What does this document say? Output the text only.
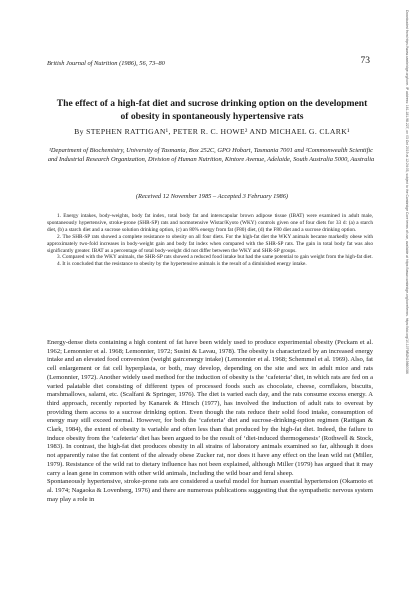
British Journal of Nutrition (1986), 56, 73–80	73
The effect of a high-fat diet and sucrose drinking option on the development of obesity in spontaneously hypertensive rats
By STEPHEN RATTIGAN¹, PETER R. C. HOWE² AND MICHAEL G. CLARK¹
¹Department of Biochemistry, University of Tasmania, Box 252C, GPO Hobart, Tasmania 7001 and ²Commonwealth Scientific and Industrial Research Organization, Division of Human Nutrition, Kintore Avenue, Adelaide, South Australia 5000, Australia
(Received 12 November 1985 – Accepted 3 February 1986)

1. Energy intakes, body-weights, body fat index, total body fat and interscapular brown adipose tissue (IBAT) were examined in adult male, spontaneously hypertensive, stroke-prone (SHR-SP) rats and normotensive Wistar/Kyoto (WKY) controls given one of four diets for 33 d: (a) a starch diet, (b) a starch diet and a sucrose solution drinking option, (c) an 80% energy from fat (F80) diet, (d) the F80 diet and a sucrose drinking option.

2. The SHR-SP rats showed a complete resistance to obesity on all four diets. For the high-fat diet the WKY animals became markedly obese with approximately two-fold increases in body-weight gain and body fat index when compared with the SHR-SP rats. The gain in total body fat was also significantly greater. IBAT as a percentage of total body-weight did not differ between the WKY and SHR-SP groups.

3. Compared with the WKY animals, the SHR-SP rats showed a reduced food intake but had the same potential to gain weight from the high-fat diet.

4. It is concluded that the resistance to obesity by the hypertensive animals is the result of a diminished energy intake.

Energy-dense diets containing a high content of fat have been widely used to produce experimental obesity (Peckam et al. 1962; Lemonnier et al. 1968; Lemonnier, 1972; Susini & Lavau, 1978). The obesity is characterized by an increased energy intake and an elevated food conversion (weight gain:energy intake) (Lemonnier et al. 1968; Schemmel et al. 1969). Also, fat cell enlargement or fat cell hyperplasia, or both, may develop, depending on the site and sex in adult mice and rats (Lemonnier, 1972). Another widely used method for the induction of obesity is the ‘cafeteria’ diet, in which rats are fed on a varied palatable diet consisting of different types of processed foods such as chocolate, cheese, cornflakes, biscuits, marshmallows, salami, etc. (Scalfani & Springer, 1976). The diet is varied each day, and the rats consume excess energy. A third approach, recently reported by Kanarek & Hirsch (1977), has involved the induction of adult rats to overeat by providing them access to a sucrose drinking option. Even though the rats reduce their solid food intake, consumption of energy may still exceed normal. However, for both the ‘cafeteria’ diet and sucrose-drinking-option regimen (Rattigan & Clark, 1984), the extent of obesity is variable and often less than that produced by the high-fat diet. Indeed, the failure to induce obesity from the ‘cafeteria’ diet has been argued to be the result of ‘diet-induced thermogenesis’ (Rothwell & Stock, 1983). In contrast, the high-fat diet produces obesity in all strains of laboratory animals examined so far, although it does not apparently raise the fat content of the already obese Zucker rat, nor does it have any effect on the lean wild rat (Miller, 1979). Resistance of the wild rat to dietary influence has not been explained, although Miller (1979) has argued that it may carry a lean gene in common with other wild animals, including the wild boar and feral sheep.

Spontaneously hypertensive, stroke-prone rats are considered a useful model for human essential hypertension (Okamoto et al. 1974; Nagaoka & Lovenberg, 1976) and there are numerous publications suggesting that the sympathetic nervous system may play a role in

Downloaded from https://www.cambridge.org/core. IP address: 161.181.98.227, on 03 Oct 2019 at 12:24:05, subject to the Cambridge Core terms of use, available at https://www.cambridge.org/core/terms. https://doi.org/10.1079/BJN19860086
